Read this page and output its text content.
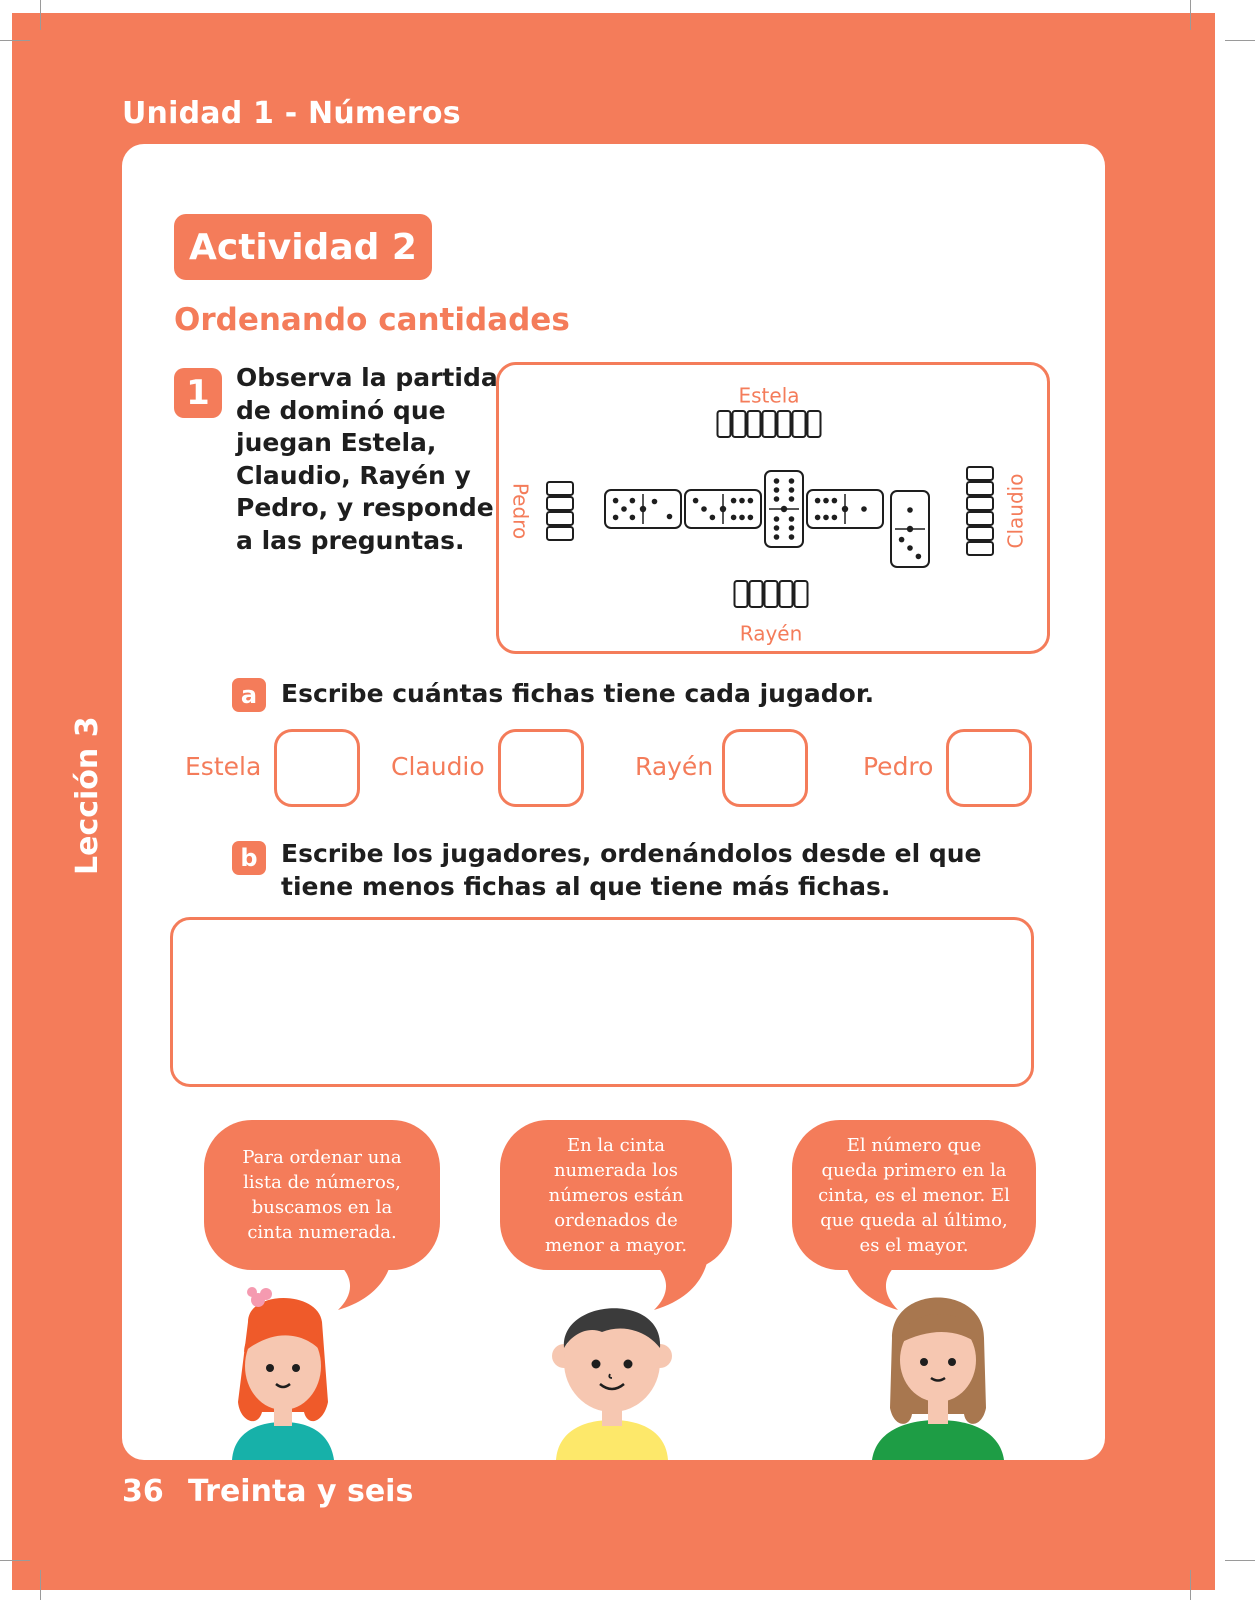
Unidad 1 - Números
Lección 3
36 Treinta y seis
Actividad 2
Ordenando cantidades
1	Observa la partida de dominó que juegan Estela, Claudio, Rayén y Pedro, y responde a las preguntas.
Estela
Claudio
Rayén
Pedro
a Escribe cuántas fichas tiene cada jugador.
Estela	Claudio	Rayén	Pedro
b Escribe los jugadores, ordenándolos desde el que tiene menos fichas al que tiene más fichas.
Para ordenar una lista de números, buscamos en la cinta numerada.
En la cinta numerada los números están ordenados de menor a mayor.
El número que queda primero en la cinta, es el menor. El que queda al último, es el mayor.
